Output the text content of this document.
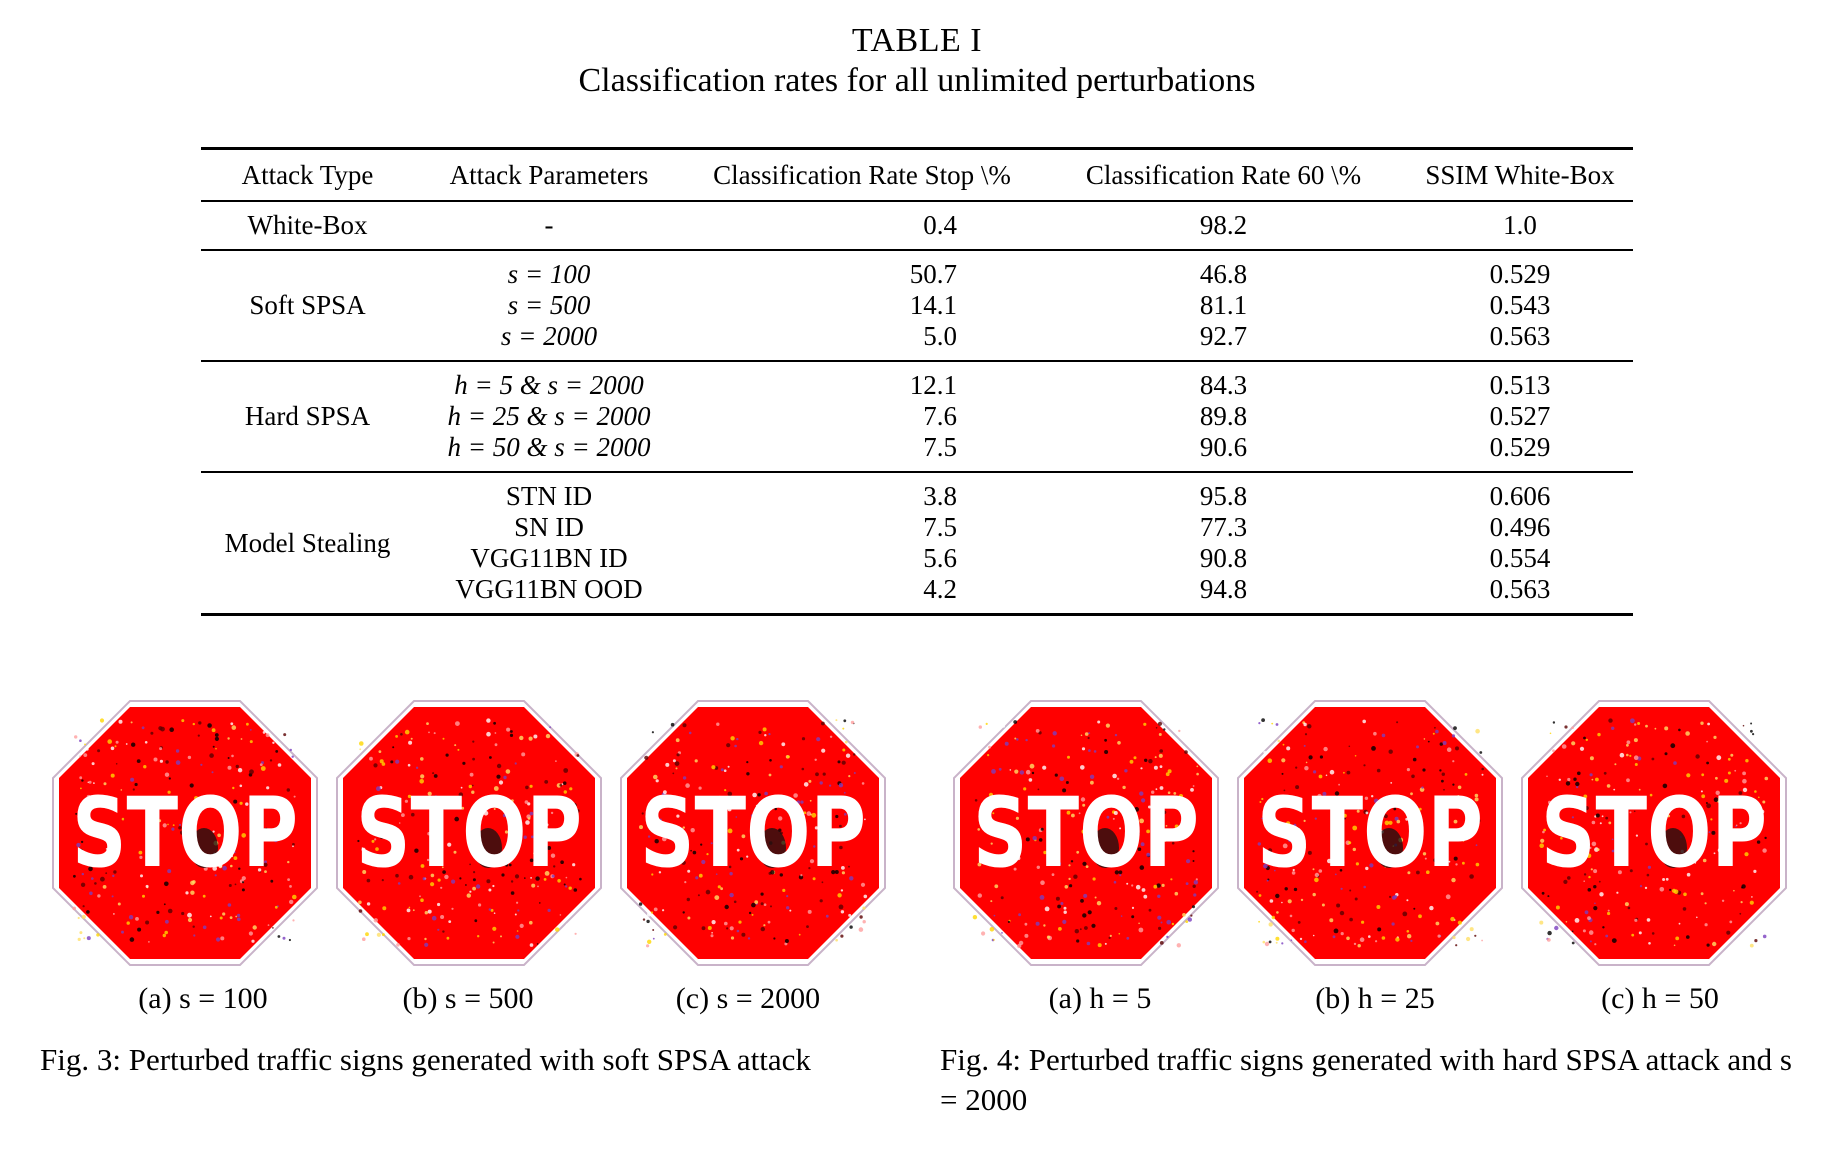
TABLE I
Classification rates for all unlimited perturbations
Attack Type	Attack Parameters	Classification Rate Stop \%	Classification Rate 60 \%	SSIM White-Box
White-Box	-	0.4	98.2	1.0

Soft SPSA	s = 100	50.7	46.8	0.529

	s = 500	14.1	81.1	0.543

	s = 2000	5.0	92.7	0.563

Hard SPSA	h = 5 & s = 2000	12.1	84.3	0.513

	h = 25 & s = 2000	7.6	89.8	0.527

	h = 50 & s = 2000	7.5	90.6	0.529

Model Stealing	STN ID	3.8	95.8	0.606

	SN ID	7.5	77.3	0.496

	VGG11BN ID	5.6	90.8	0.554

	VGG11BN OOD	4.2	94.8	0.563
STOP STOP STOP STOP STOP STOP
(a) s = 100	(b) s = 500	(c) s = 2000	(a) h = 5	(b) h = 25	(c) h = 50
Fig. 3: Perturbed traffic signs generated with soft SPSA attack	Fig. 4: Perturbed traffic signs generated with hard SPSA attack and s = 2000
